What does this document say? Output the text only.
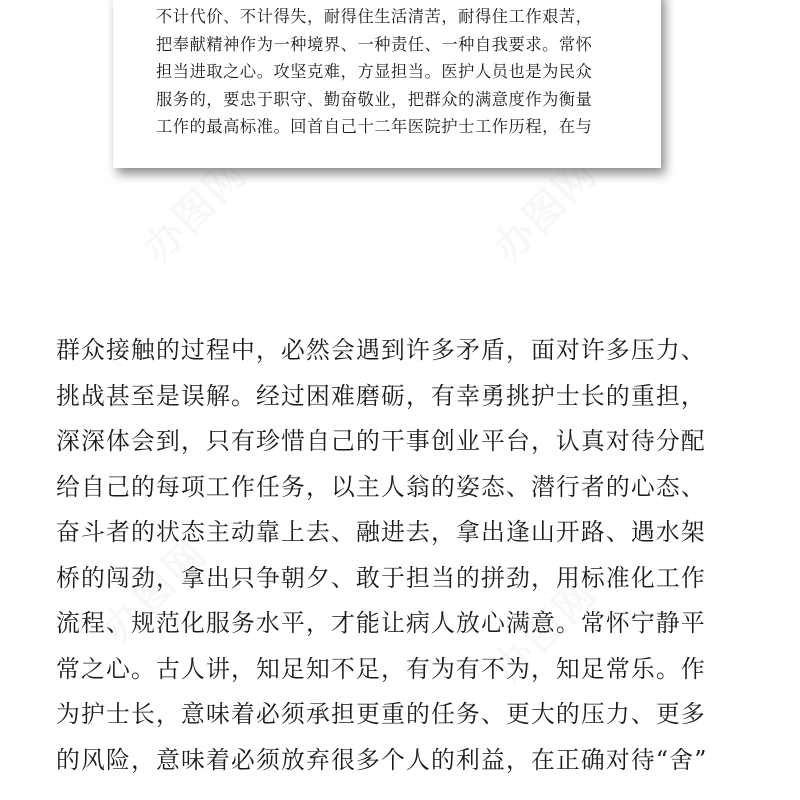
办图网	办图网
办图网	办图网
不计代价、不计得失，耐得住生活清苦，耐得住工作艰苦，
把奉献精神作为一种境界、一种责任、一种自我要求。常怀
担当进取之心。攻坚克难，方显担当。医护人员也是为民众
服务的，要忠于职守、勤奋敬业，把群众的满意度作为衡量
工作的最高标准。回首自己十二年医院护士工作历程，在与
群众接触的过程中，必然会遇到许多矛盾，面对许多压力、
挑战甚至是误解。经过困难磨砺，有幸勇挑护士长的重担，
深深体会到，只有珍惜自己的干事创业平台，认真对待分配
给自己的每项工作任务，以主人翁的姿态、潜行者的心态、
奋斗者的状态主动靠上去、融进去，拿出逢山开路、遇水架
桥的闯劲，拿出只争朝夕、敢于担当的拼劲，用标准化工作
流程、规范化服务水平，才能让病人放心满意。常怀宁静平
常之心。古人讲，知足知不足，有为有不为，知足常乐。作
为护士长，意味着必须承担更重的任务、更大的压力、更多
的风险，意味着必须放弃很多个人的利益，在正确对待“舍”
